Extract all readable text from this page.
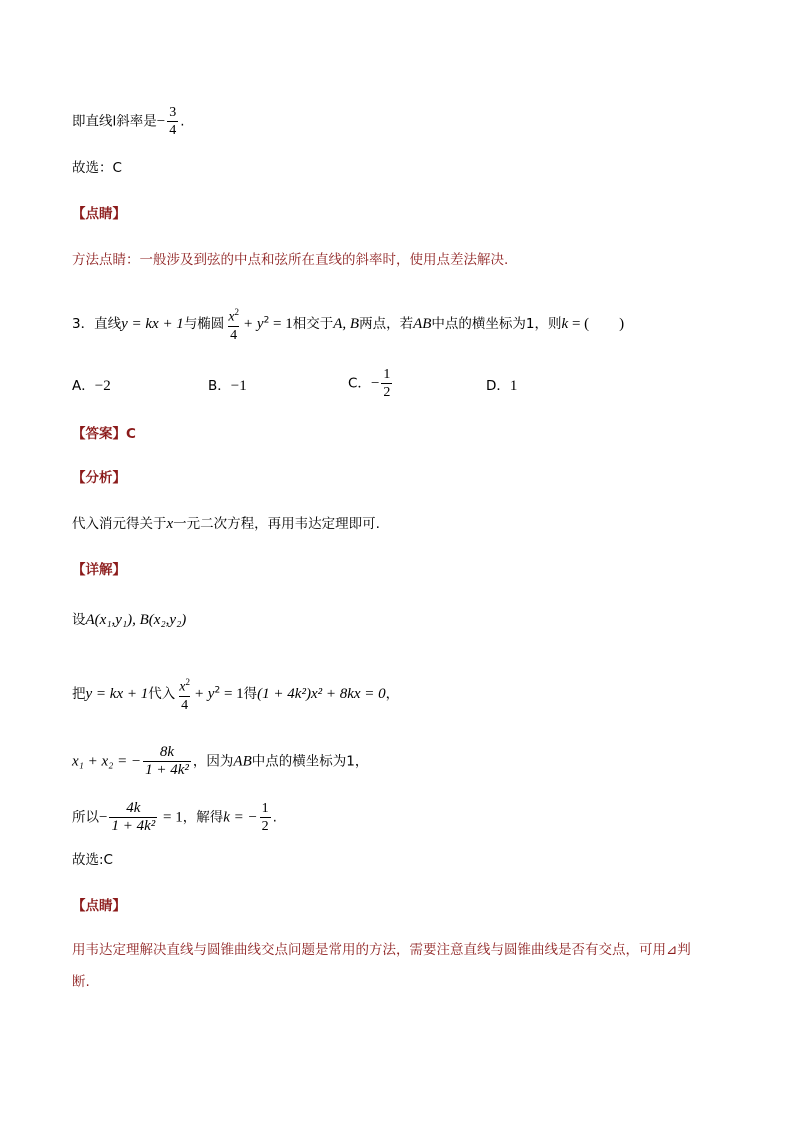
即直线l斜率是− $\frac{3}{4}$ .
故选：C
【点睛】
方法点睛：一般涉及到弦的中点和弦所在直线的斜率时，使用点差法解决.
3．直线y = kx + 1与椭圆 $\frac{x^2}{4} + y^2 = 1$相交于A, B两点，若AB中点的横坐标为1，则k = (　　)
A．−2	B．−1	C．− $\frac{1}{2}$	D．1
【答案】C
【分析】
代入消元得关于x一元二次方程，再用韦达定理即可.
【详解】
设A(x₁,y₁), B(x₂,y₂)
把y = kx + 1代入 $\frac{x^2}{4} + y^2 = 1$得(1 + 4k²)x² + 8kx = 0，
x₁ + x₂ = − $\frac{8k}{\text{1 + 4k²}}$ ，因为AB中点的横坐标为1，
所以− $\frac{4k}{\text{1 + 4k²}} = 1$，解得k = − $\frac{1}{2}$ .
故选:C
【点睛】
用韦达定理解决直线与圆锥曲线交点问题是常用的方法，需要注意直线与圆锥曲线是否有交点，可用⊿判
断.
